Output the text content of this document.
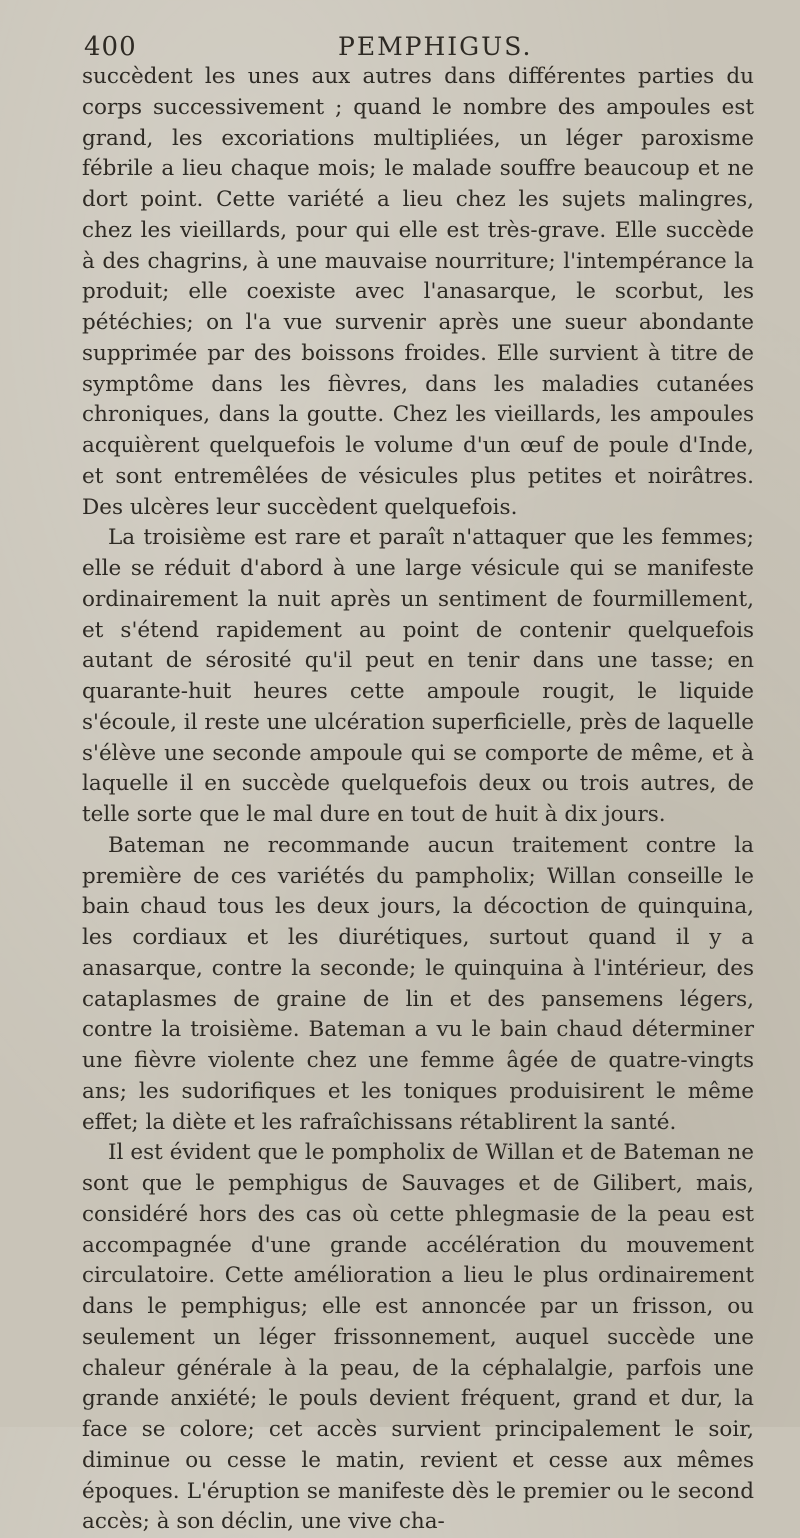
400	PEMPHIGUS.

succèdent les unes aux autres dans différentes parties du corps successivement ; quand le nombre des ampoules est grand, les excoriations multipliées, un léger paroxisme fébrile a lieu chaque mois; le malade souffre beaucoup et ne dort point. Cette variété a lieu chez les sujets malingres, chez les vieillards, pour qui elle est très-grave. Elle succède à des chagrins, à une mauvaise nourriture; l'intempérance la produit; elle coexiste avec l'anasarque, le scorbut, les pétéchies; on l'a vue survenir après une sueur abondante supprimée par des boissons froides. Elle survient à titre de symptôme dans les fièvres, dans les maladies cutanées chroniques, dans la goutte. Chez les vieillards, les ampoules acquièrent quelquefois le volume d'un œuf de poule d'Inde, et sont entremêlées de vésicules plus petites et noirâtres. Des ulcères leur succèdent quelquefois.

La troisième est rare et paraît n'attaquer que les femmes; elle se réduit d'abord à une large vésicule qui se manifeste ordinairement la nuit après un sentiment de fourmillement, et s'étend rapidement au point de contenir quelquefois autant de sérosité qu'il peut en tenir dans une tasse; en quarante-huit heures cette ampoule rougit, le liquide s'écoule, il reste une ulcération superficielle, près de laquelle s'élève une seconde ampoule qui se comporte de même, et à laquelle il en succède quelquefois deux ou trois autres, de telle sorte que le mal dure en tout de huit à dix jours.

Bateman ne recommande aucun traitement contre la première de ces variétés du pampholix; Willan conseille le bain chaud tous les deux jours, la décoction de quinquina, les cordiaux et les diurétiques, surtout quand il y a anasarque, contre la seconde; le quinquina à l'intérieur, des cataplasmes de graine de lin et des pansemens légers, contre la troisième. Bateman a vu le bain chaud déterminer une fièvre violente chez une femme âgée de quatre-vingts ans; les sudorifiques et les toniques produisirent le même effet; la diète et les rafraîchissans rétablirent la santé.

Il est évident que le pompholix de Willan et de Bateman ne sont que le pemphigus de Sauvages et de Gilibert, mais, considéré hors des cas où cette phlegmasie de la peau est accompagnée d'une grande accélération du mouvement circulatoire. Cette amélioration a lieu le plus ordinairement dans le pemphigus; elle est annoncée par un frisson, ou seulement un léger frissonnement, auquel succède une chaleur générale à la peau, de la céphalalgie, parfois une grande anxiété; le pouls devient fréquent, grand et dur, la face se colore; cet accès survient principalement le soir, diminue ou cesse le matin, revient et cesse aux mêmes époques. L'éruption se manifeste dès le premier ou le second accès; à son déclin, une vive cha-
